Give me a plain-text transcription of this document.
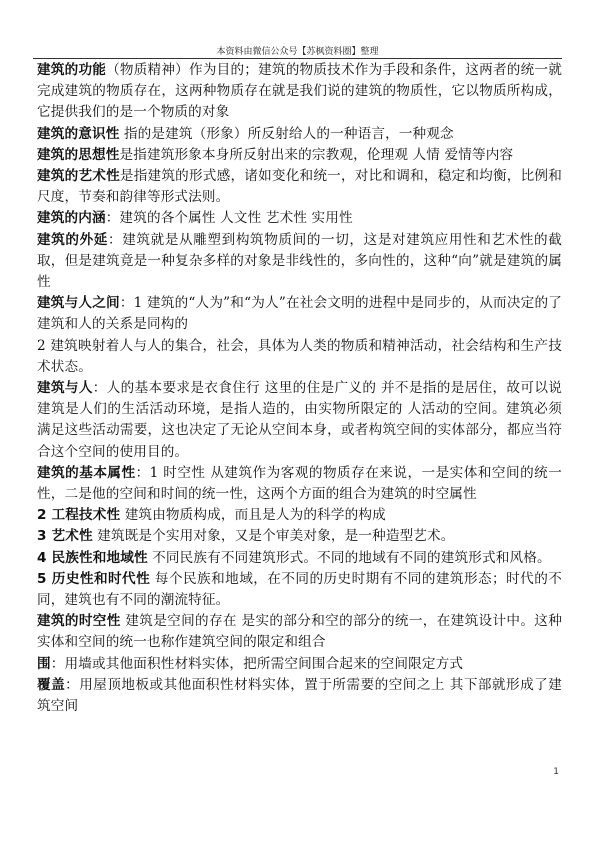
本资料由微信公众号【苏枫资料圈】整理

建筑的功能（物质精神）作为目的；建筑的物质技术作为手段和条件，这两者的统一就完成建筑的物质存在，这两种物质存在就是我们说的建筑的物质性，它以物质所构成，它提供我们的是一个物质的对象

建筑的意识性 指的是建筑（形象）所反射给人的一种语言，一种观念

建筑的思想性是指建筑形象本身所反射出来的宗教观，伦理观 人情 爱情等内容

建筑的艺术性是指建筑的形式感，诸如变化和统一，对比和调和，稳定和均衡，比例和尺度，节奏和韵律等形式法则。

建筑的内涵：建筑的各个属性 人文性 艺术性 实用性

建筑的外延：建筑就是从雕塑到构筑物质间的一切，这是对建筑应用性和艺术性的截取，但是建筑竟是一种复杂多样的对象是非线性的，多向性的，这种“向”就是建筑的属性

建筑与人之间：1 建筑的“人为”和“为人”在社会文明的进程中是同步的，从而决定的了建筑和人的关系是同构的

2 建筑映射着人与人的集合，社会，具体为人类的物质和精神活动，社会结构和生产技术状态。

建筑与人：人的基本要求是衣食住行 这里的住是广义的 并不是指的是居住，故可以说建筑是人们的生活活动环境，是指人造的，由实物所限定的 人活动的空间。建筑必须满足这些活动需要，这也决定了无论从空间本身，或者构筑空间的实体部分，都应当符合这个空间的使用目的。

建筑的基本属性：1 时空性 从建筑作为客观的物质存在来说，一是实体和空间的统一性，二是他的空间和时间的统一性，这两个方面的组合为建筑的时空属性

2 工程技术性 建筑由物质构成，而且是人为的科学的构成

3 艺术性 建筑既是个实用对象，又是个审美对象，是一种造型艺术。

4 民族性和地域性 不同民族有不同建筑形式。不同的地域有不同的建筑形式和风格。

5 历史性和时代性 每个民族和地域，在不同的历史时期有不同的建筑形态；时代的不同，建筑也有不同的潮流特征。

建筑的时空性 建筑是空间的存在 是实的部分和空的部分的统一，在建筑设计中。这种实体和空间的统一也称作建筑空间的限定和组合

围：用墙或其他面积性材料实体，把所需空间围合起来的空间限定方式

覆盖：用屋顶地板或其他面积性材料实体，置于所需要的空间之上 其下部就形成了建筑空间

1
